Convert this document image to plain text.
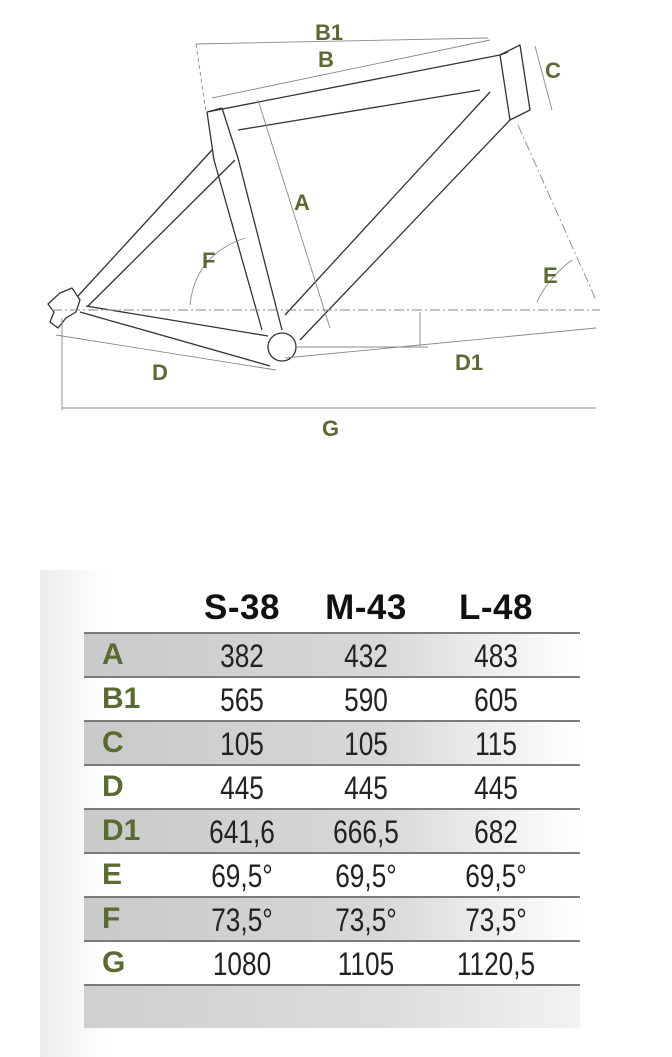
B1
B	C
A
F
E
D	D1
G
S-38	M-43	L-48
A	382	432	483
B1	565	590	605
C	105	105	115
D	445	445	445
D1	641,6	666,5	682
E	69,5°	69,5°	69,5°
F	73,5°	73,5°	73,5°
G	1080	1105	1120,5
